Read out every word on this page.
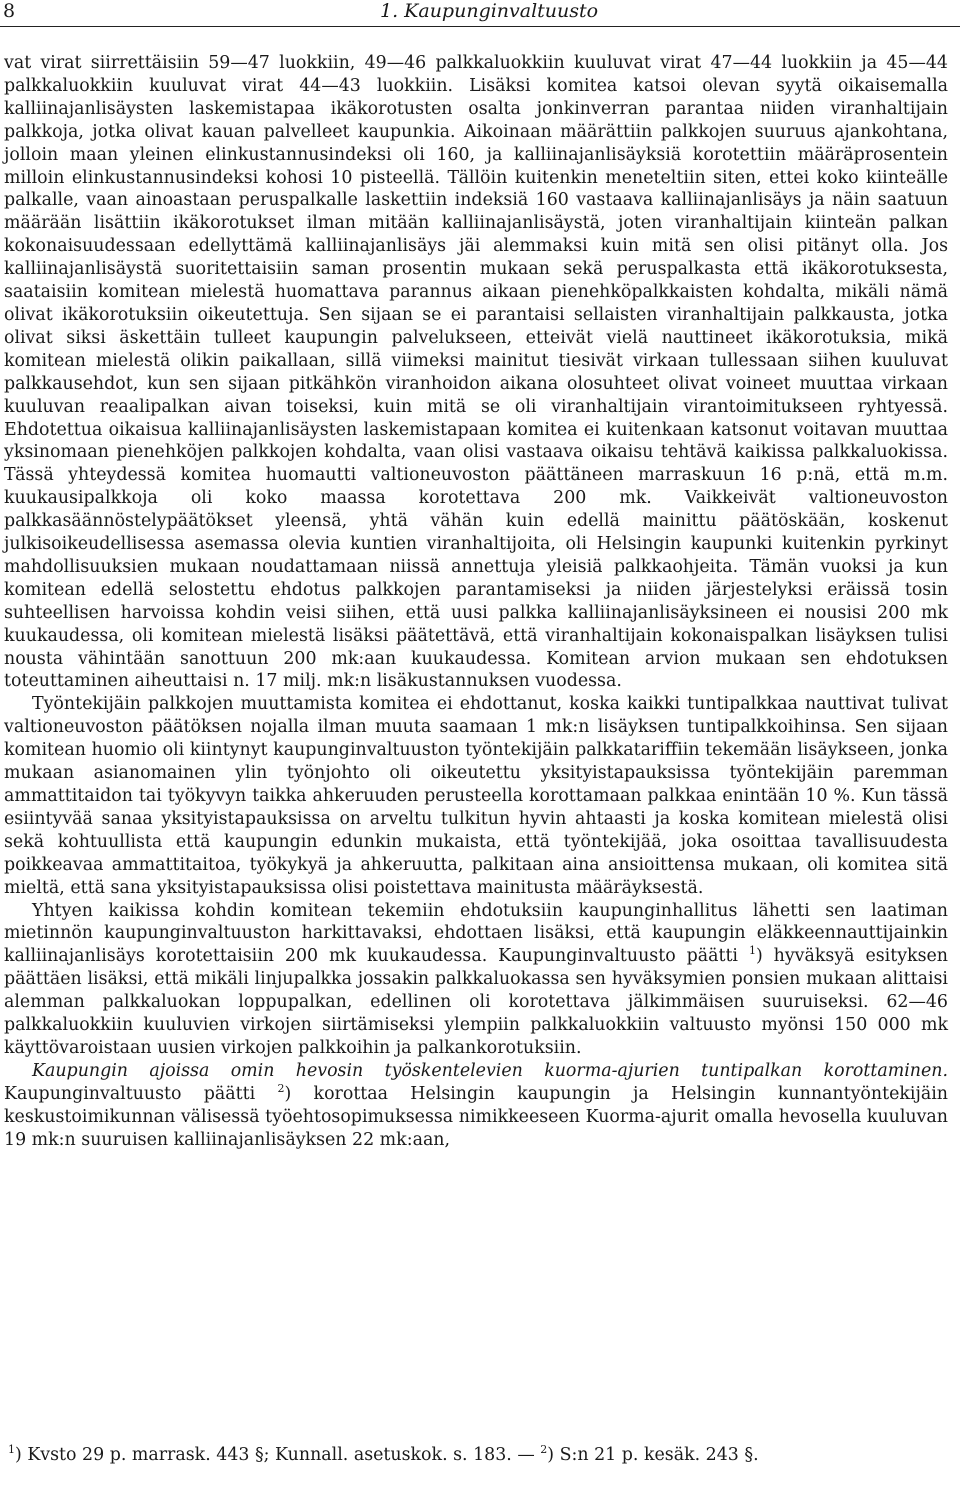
8	1. Kaupunginvaltuusto

vat virat siirrettäisiin 59—47 luokkiin, 49—46 palkkaluokkiin kuuluvat virat 47—44 luokkiin ja 45—44 palkkaluokkiin kuuluvat virat 44—43 luokkiin. Lisäksi komitea katsoi olevan syytä oikaisemalla kalliinajanlisäysten laskemistapaa ikäkorotusten osalta jonkinverran parantaa niiden viranhaltijain palkkoja, jotka olivat kauan palvelleet kaupunkia. Aikoinaan määrättiin palkkojen suuruus ajankohtana, jolloin maan yleinen elinkustannusindeksi oli 160, ja kalliinajanlisäyksiä korotettiin määräprosentein milloin elinkustannusindeksi kohosi 10 pisteellä. Tällöin kuitenkin meneteltiin siten, ettei koko kiinteälle palkalle, vaan ainoastaan peruspalkalle laskettiin indeksiä 160 vastaava kalliinajanlisäys ja näin saatuun määrään lisättiin ikäkorotukset ilman mitään kalliinajanlisäystä, joten viranhaltijain kiinteän palkan kokonaisuudessaan edellyttämä kalliinajanlisäys jäi alemmaksi kuin mitä sen olisi pitänyt olla. Jos kalliinajanlisäystä suoritettaisiin saman prosentin mukaan sekä peruspalkasta että ikäkorotuksesta, saataisiin komitean mielestä huomattava parannus aikaan pienehköpalkkaisten kohdalta, mikäli nämä olivat ikäkorotuksiin oikeutettuja. Sen sijaan se ei parantaisi sellaisten viranhaltijain palkkausta, jotka olivat siksi äskettäin tulleet kaupungin palvelukseen, etteivät vielä nauttineet ikäkorotuksia, mikä komitean mielestä olikin paikallaan, sillä viimeksi mainitut tiesivät virkaan tullessaan siihen kuuluvat palkkausehdot, kun sen sijaan pitkähkön viranhoidon aikana olosuhteet olivat voineet muuttaa virkaan kuuluvan reaalipalkan aivan toiseksi, kuin mitä se oli viranhaltijain virantoimitukseen ryhtyessä. Ehdotettua oikaisua kalliinajanlisäysten laskemistapaan komitea ei kuitenkaan katsonut voitavan muuttaa yksinomaan pienehköjen palkkojen kohdalta, vaan olisi vastaava oikaisu tehtävä kaikissa palkkaluokissa. Tässä yhteydessä komitea huomautti valtioneuvoston päättäneen marraskuun 16 p:nä, että m.m. kuukausipalkkoja oli koko maassa korotettava 200 mk. Vaikkeivät valtioneuvoston palkkasäännöstelypäätökset yleensä, yhtä vähän kuin edellä mainittu päätöskään, koskenut julkisoikeudellisessa asemassa olevia kuntien viranhaltijoita, oli Helsingin kaupunki kuitenkin pyrkinyt mahdollisuuksien mukaan noudattamaan niissä annettuja yleisiä palkkaohjeita. Tämän vuoksi ja kun komitean edellä selostettu ehdotus palkkojen parantamiseksi ja niiden järjestelyksi eräissä tosin suhteellisen harvoissa kohdin veisi siihen, että uusi palkka kalliinajanlisäyksineen ei nousisi 200 mk kuukaudessa, oli komitean mielestä lisäksi päätettävä, että viranhaltijain kokonaispalkan lisäyksen tulisi nousta vähintään sanottuun 200 mk:aan kuukaudessa. Komitean arvion mukaan sen ehdotuksen toteuttaminen aiheuttaisi n. 17 milj. mk:n lisäkustannuksen vuodessa.

Työntekijäin palkkojen muuttamista komitea ei ehdottanut, koska kaikki tuntipalkkaa nauttivat tulivat valtioneuvoston päätöksen nojalla ilman muuta saamaan 1 mk:n lisäyksen tuntipalkkoihinsa. Sen sijaan komitean huomio oli kiintynyt kaupunginvaltuuston työntekijäin palkkatariffiin tekemään lisäykseen, jonka mukaan asianomainen ylin työnjohto oli oikeutettu yksityistapauksissa työntekijäin paremman ammattitaidon tai työkyvyn taikka ahkeruuden perusteella korottamaan palkkaa enintään 10 %. Kun tässä esiintyvää sanaa yksityistapauksissa on arveltu tulkitun hyvin ahtaasti ja koska komitean mielestä olisi sekä kohtuullista että kaupungin edunkin mukaista, että työntekijää, joka osoittaa tavallisuudesta poikkeavaa ammattitaitoa, työkykyä ja ahkeruutta, palkitaan aina ansioittensa mukaan, oli komitea sitä mieltä, että sana yksityistapauksissa olisi poistettava mainitusta määräyksestä.

Yhtyen kaikissa kohdin komitean tekemiin ehdotuksiin kaupunginhallitus lähetti sen laatiman mietinnön kaupunginvaltuuston harkittavaksi, ehdottaen lisäksi, että kaupungin eläkkeennauttijainkin kalliinajanlisäys korotettaisiin 200 mk kuukaudessa. Kaupunginvaltuusto päätti $^1$) hyväksyä esityksen päättäen lisäksi, että mikäli linjupalkka jossakin palkkaluokassa sen hyväksymien ponsien mukaan alittaisi alemman palkkaluokan loppupalkan, edellinen oli korotettava jälkimmäisen suuruiseksi. 62—46 palkkaluokkiin kuuluvien virkojen siirtämiseksi ylempiin palkkaluokkiin valtuusto myönsi 150 000 mk käyttövaroistaan uusien virkojen palkkoihin ja palkankorotuksiin.

Kaupungin ajoissa omin hevosin työskentelevien kuorma-ajurien tuntipalkan korottaminen. Kaupunginvaltuusto päätti $^2$) korottaa Helsingin kaupungin ja Helsingin kunnantyöntekijäin keskustoimikunnan välisessä työehtosopimuksessa nimikkeeseen Kuorma-ajurit omalla hevosella kuuluvan 19 mk:n suuruisen kalliinajanlisäyksen 22 mk:aan,

$^1$) Kvsto 29 p. marrask. 443 §; Kunnall. asetuskok. s. 183. — $^2$) S:n 21 p. kesäk. 243 §.
